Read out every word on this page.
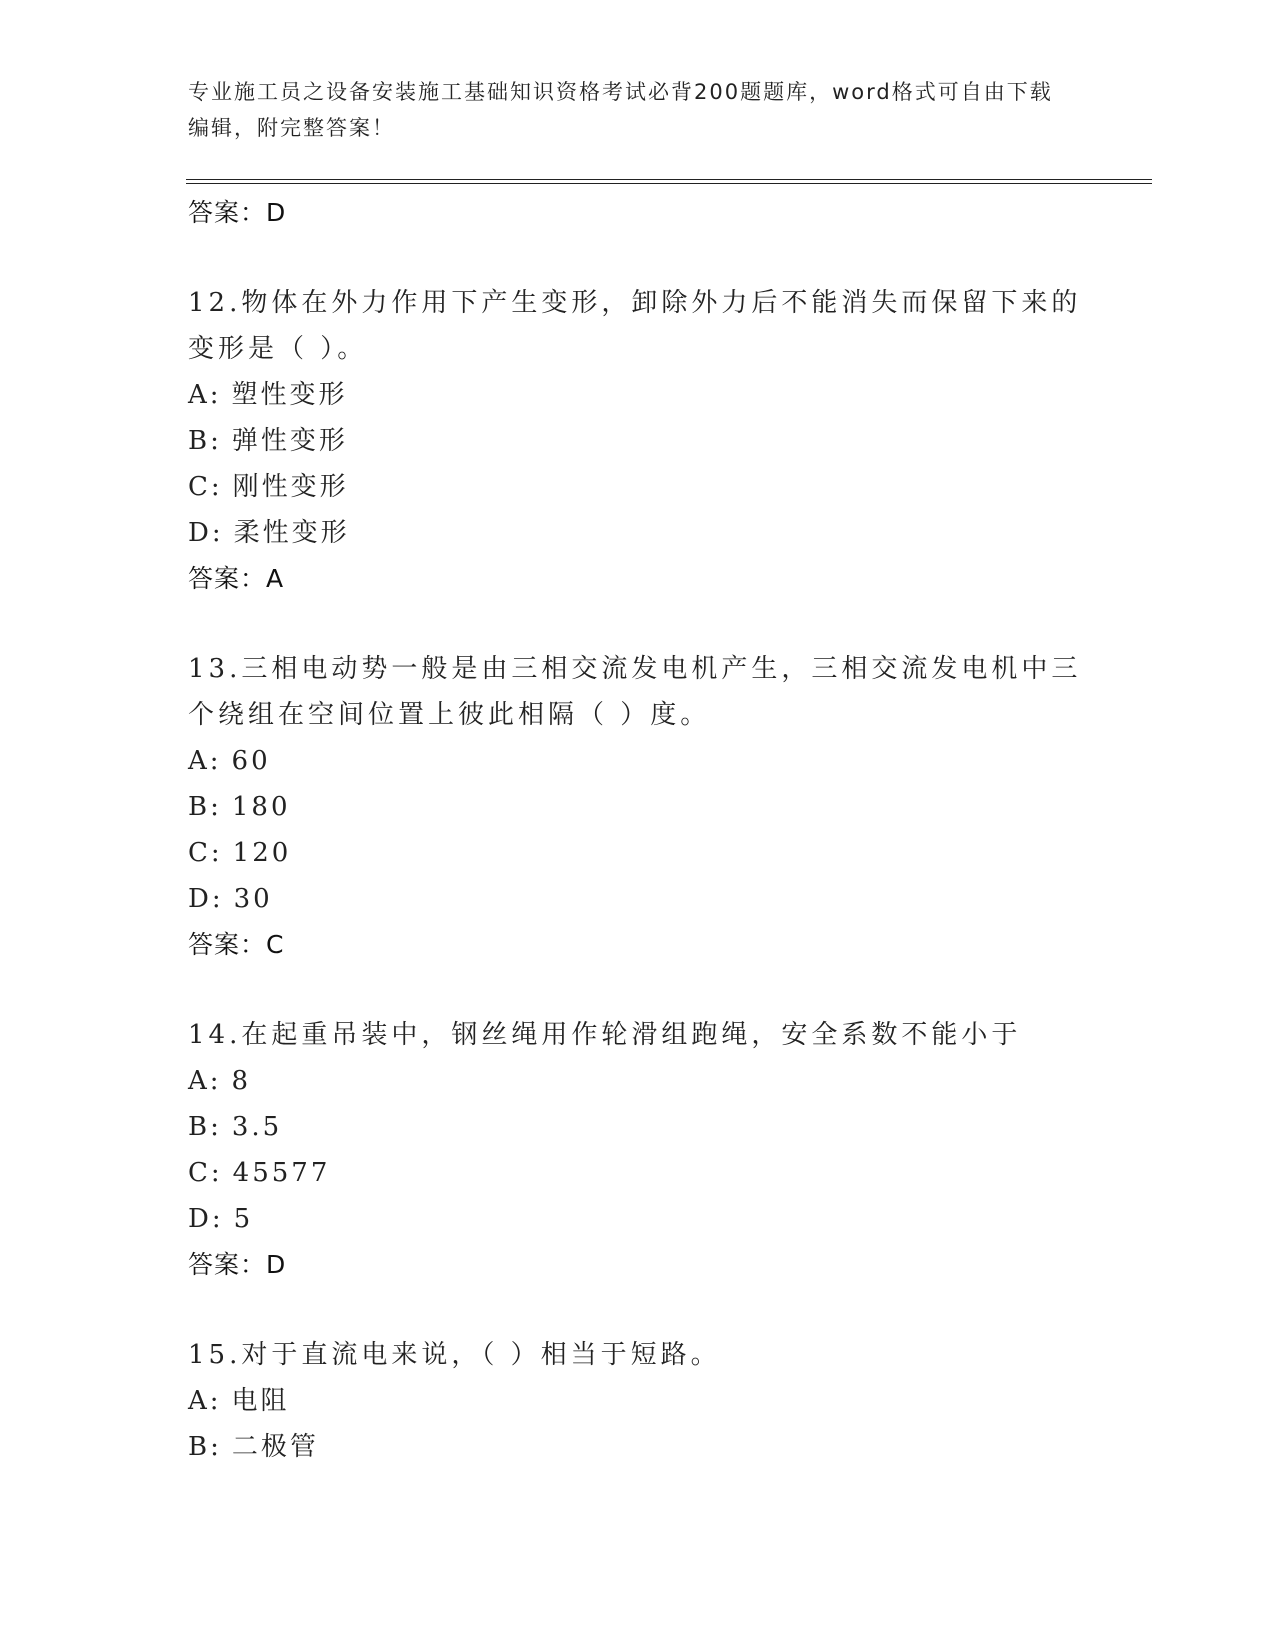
专业施工员之设备安装施工基础知识资格考试必背200题题库，word格式可自由下载编辑，附完整答案！
答案：D
12.物体在外力作用下产生变形，卸除外力后不能消失而保留下来的变形是（ ）。
A: 塑性变形
B: 弹性变形
C: 刚性变形
D: 柔性变形
答案：A
13.三相电动势一般是由三相交流发电机产生，三相交流发电机中三个绕组在空间位置上彼此相隔（ ）度。
A: 60
B: 180
C: 120
D: 30
答案：C
14.在起重吊装中，钢丝绳用作轮滑组跑绳，安全系数不能小于
A: 8
B: 3.5
C: 45577
D: 5
答案：D
15.对于直流电来说，（ ）相当于短路。
A: 电阻
B: 二极管
